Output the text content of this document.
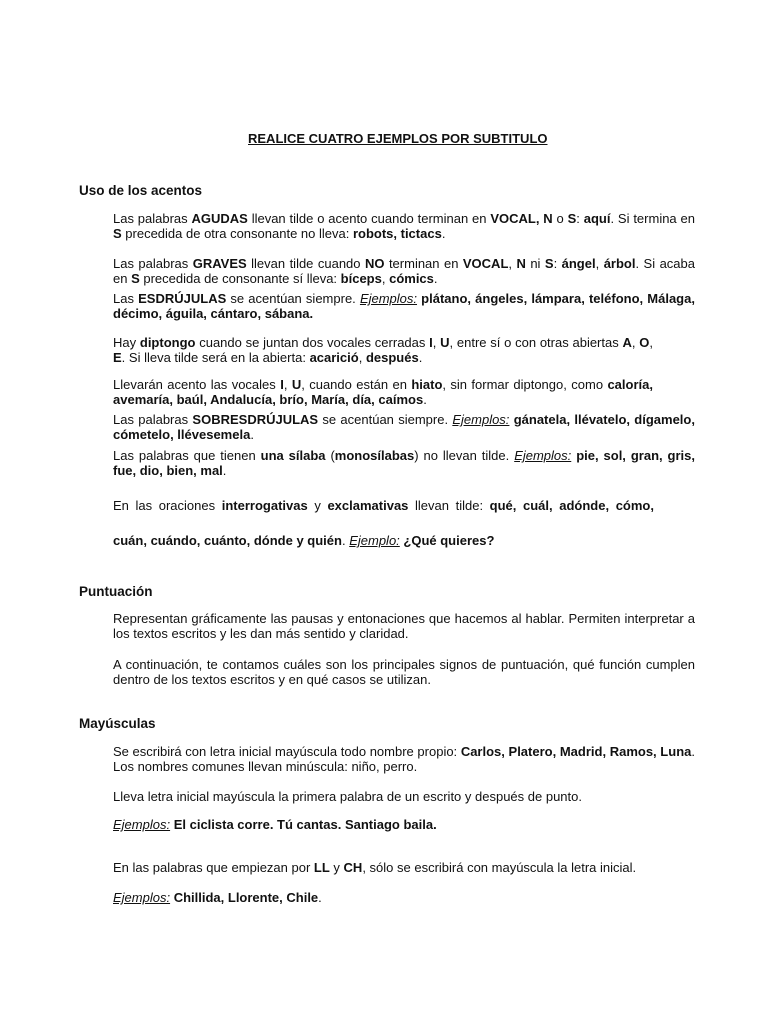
REALICE CUATRO EJEMPLOS POR SUBTITULO
Uso de los acentos
Las palabras AGUDAS llevan tilde o acento cuando terminan en VOCAL, N o S: aquí. Si termina en S precedida de otra consonante no lleva: robots, tictacs.
Las palabras GRAVES llevan tilde cuando NO terminan en VOCAL, N ni S: ángel, árbol. Si acaba en S precedida de consonante sí lleva: bíceps, cómics.
Las ESDRÚJULAS se acentúan siempre. Ejemplos: plátano, ángeles, lámpara, teléfono, Málaga, décimo, águila, cántaro, sábana.
Hay diptongo cuando se juntan dos vocales cerradas I, U, entre sí o con otras abiertas A, O, E. Si lleva tilde será en la abierta: acarició, después.
Llevarán acento las vocales I, U, cuando están en hiato, sin formar diptongo, como caloría, avemaría, baúl, Andalucía, brío, María, día, caímos.
Las palabras SOBRESDRÚJULAS se acentúan siempre. Ejemplos: gánatela, llévatelo, dígamelo, cómetelo, llévesemela.
Las palabras que tienen una sílaba (monosílabas) no llevan tilde. Ejemplos: pie, sol, gran, gris, fue, dio, bien, mal.
En las oraciones interrogativas y exclamativas llevan tilde: qué, cuál, adónde, cómo,
cuán, cuándo, cuánto, dónde y quién. Ejemplo: ¿Qué quieres?
Puntuación
Representan gráficamente las pausas y entonaciones que hacemos al hablar. Permiten interpretar a los textos escritos y les dan más sentido y claridad.
A continuación, te contamos cuáles son los principales signos de puntuación, qué función cumplen dentro de los textos escritos y en qué casos se utilizan.
Mayúsculas
Se escribirá con letra inicial mayúscula todo nombre propio: Carlos, Platero, Madrid, Ramos, Luna. Los nombres comunes llevan minúscula: niño, perro.
Lleva letra inicial mayúscula la primera palabra de un escrito y después de punto.
Ejemplos: El ciclista corre. Tú cantas. Santiago baila.
En las palabras que empiezan por LL y CH, sólo se escribirá con mayúscula la letra inicial.
Ejemplos: Chillida, Llorente, Chile.
